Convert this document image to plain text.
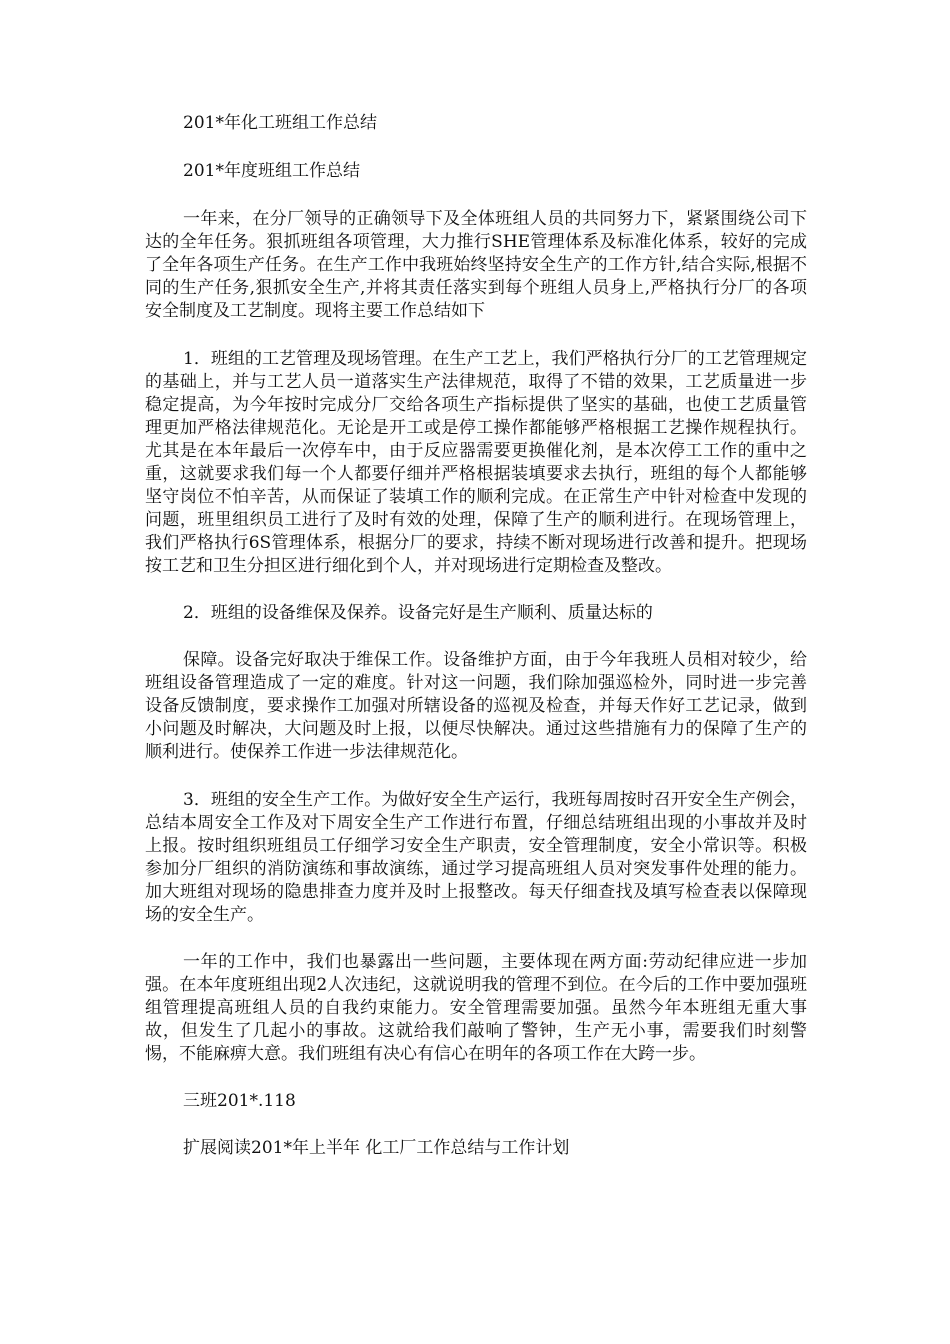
201*年化工班组工作总结

201*年度班组工作总结

一年来，在分厂领导的正确领导下及全体班组人员的共同努力下，紧紧围绕公司下达的全年任务。狠抓班组各项管理，大力推行SHE管理体系及标准化体系，较好的完成了全年各项生产任务。在生产工作中我班始终坚持安全生产的工作方针,结合实际,根据不同的生产任务,狠抓安全生产,并将其责任落实到每个班组人员身上,严格执行分厂的各项安全制度及工艺制度。现将主要工作总结如下

1．班组的工艺管理及现场管理。在生产工艺上，我们严格执行分厂的工艺管理规定的基础上，并与工艺人员一道落实生产法律规范，取得了不错的效果，工艺质量进一步稳定提高，为今年按时完成分厂交给各项生产指标提供了坚实的基础，也使工艺质量管理更加严格法律规范化。无论是开工或是停工操作都能够严格根据工艺操作规程执行。尤其是在本年最后一次停车中，由于反应器需要更换催化剂，是本次停工工作的重中之重，这就要求我们每一个人都要仔细并严格根据装填要求去执行，班组的每个人都能够坚守岗位不怕辛苦，从而保证了装填工作的顺利完成。在正常生产中针对检查中发现的问题，班里组织员工进行了及时有效的处理，保障了生产的顺利进行。在现场管理上，我们严格执行6S管理体系，根据分厂的要求，持续不断对现场进行改善和提升。把现场按工艺和卫生分担区进行细化到个人，并对现场进行定期检查及整改。

2．班组的设备维保及保养。设备完好是生产顺利、质量达标的

保障。设备完好取决于维保工作。设备维护方面，由于今年我班人员相对较少，给班组设备管理造成了一定的难度。针对这一问题，我们除加强巡检外，同时进一步完善设备反馈制度，要求操作工加强对所辖设备的巡视及检查，并每天作好工艺记录，做到小问题及时解决，大问题及时上报，以便尽快解决。通过这些措施有力的保障了生产的顺利进行。使保养工作进一步法律规范化。

3．班组的安全生产工作。为做好安全生产运行，我班每周按时召开安全生产例会，总结本周安全工作及对下周安全生产工作进行布置，仔细总结班组出现的小事故并及时上报。按时组织班组员工仔细学习安全生产职责，安全管理制度，安全小常识等。积极参加分厂组织的消防演练和事故演练，通过学习提高班组人员对突发事件处理的能力。加大班组对现场的隐患排查力度并及时上报整改。每天仔细查找及填写检查表以保障现场的安全生产。

一年的工作中，我们也暴露出一些问题，主要体现在两方面:劳动纪律应进一步加强。在本年度班组出现2人次违纪，这就说明我的管理不到位。在今后的工作中要加强班组管理提高班组人员的自我约束能力。安全管理需要加强。虽然今年本班组无重大事故，但发生了几起小的事故。这就给我们敲响了警钟，生产无小事，需要我们时刻警惕，不能麻痹大意。我们班组有决心有信心在明年的各项工作在大跨一步。

三班201*.118

扩展阅读201*年上半年 化工厂工作总结与工作计划
